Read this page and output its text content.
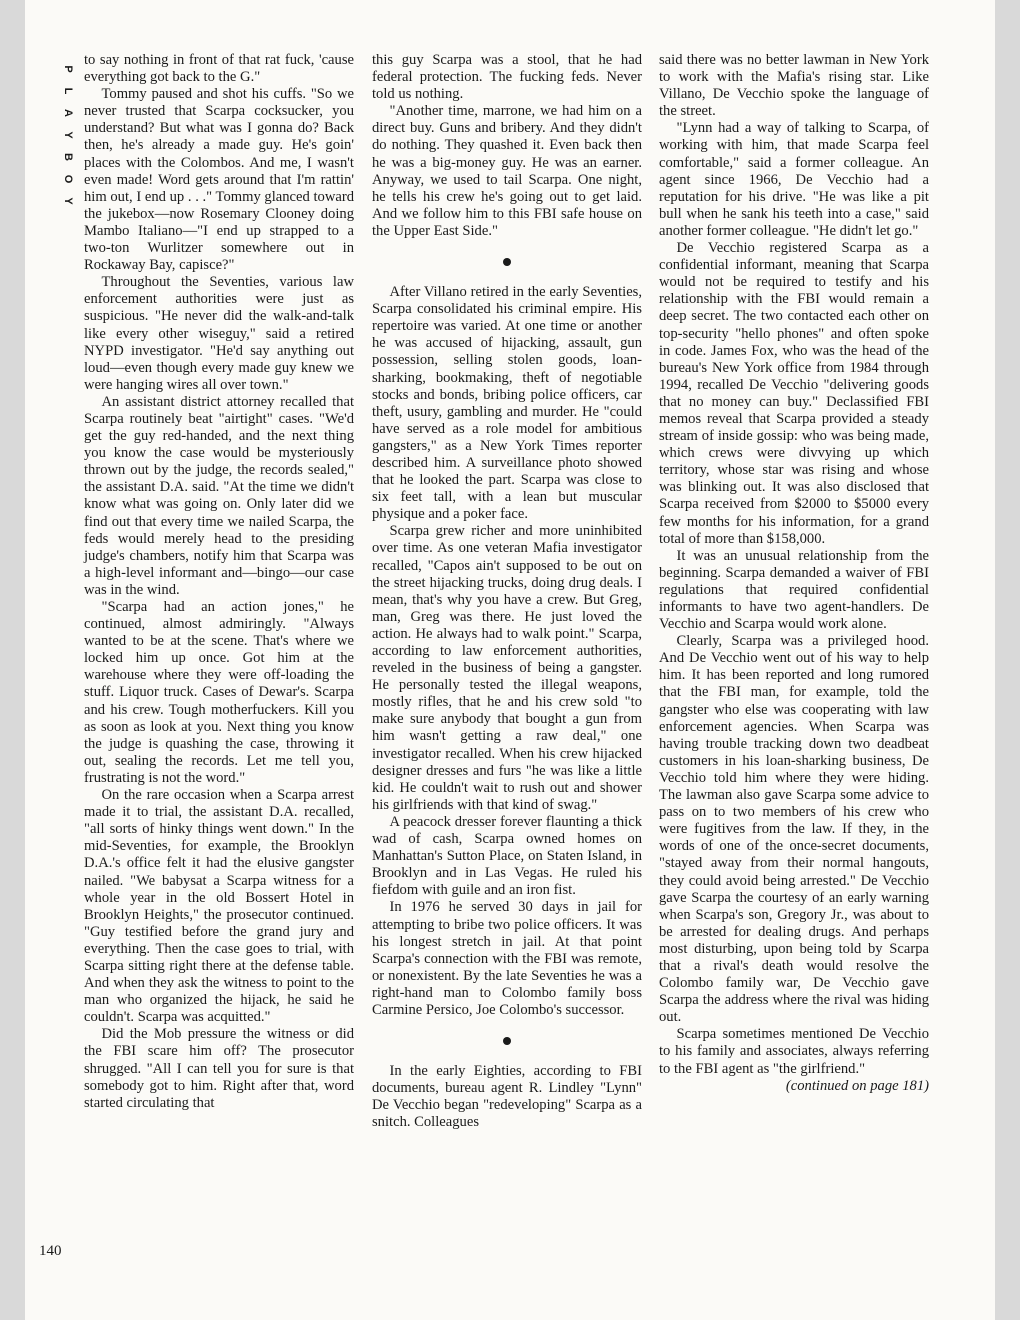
P
L
A
Y
B
O
Y
140

to say nothing in front of that rat fuck, 'cause everything got back to the G."

Tommy paused and shot his cuffs. "So we never trusted that Scarpa cocksucker, you understand? But what was I gonna do? Back then, he's already a made guy. He's goin' places with the Colombos. And me, I wasn't even made! Word gets around that I'm rattin' him out, I end up . . ." Tommy glanced toward the jukebox—now Rosemary Clooney doing Mambo Italiano—"I end up strapped to a two-ton Wurlitzer somewhere out in Rockaway Bay, capisce?"

Throughout the Seventies, various law enforcement authorities were just as suspicious. "He never did the walk-and-talk like every other wiseguy," said a retired NYPD investigator. "He'd say anything out loud—even though every made guy knew we were hanging wires all over town."

An assistant district attorney recalled that Scarpa routinely beat "airtight" cases. "We'd get the guy red-handed, and the next thing you know the case would be mysteriously thrown out by the judge, the records sealed," the assistant D.A. said. "At the time we didn't know what was going on. Only later did we find out that every time we nailed Scarpa, the feds would merely head to the presiding judge's chambers, notify him that Scarpa was a high-level informant and—bingo—our case was in the wind.

"Scarpa had an action jones," he continued, almost admiringly. "Always wanted to be at the scene. That's where we locked him up once. Got him at the warehouse where they were off-loading the stuff. Liquor truck. Cases of Dewar's. Scarpa and his crew. Tough motherfuckers. Kill you as soon as look at you. Next thing you know the judge is quashing the case, throwing it out, sealing the records. Let me tell you, frustrating is not the word."

On the rare occasion when a Scarpa arrest made it to trial, the assistant D.A. recalled, "all sorts of hinky things went down." In the mid-Seventies, for example, the Brooklyn D.A.'s office felt it had the elusive gangster nailed. "We babysat a Scarpa witness for a whole year in the old Bossert Hotel in Brooklyn Heights," the prosecutor continued. "Guy testified before the grand jury and everything. Then the case goes to trial, with Scarpa sitting right there at the defense table. And when they ask the witness to point to the man who organized the hijack, he said he couldn't. Scarpa was acquitted."

Did the Mob pressure the witness or did the FBI scare him off? The prosecutor shrugged. "All I can tell you for sure is that somebody got to him. Right after that, word started circulating that

this guy Scarpa was a stool, that he had federal protection. The fucking feds. Never told us nothing.

"Another time, marrone, we had him on a direct buy. Guns and bribery. And they didn't do nothing. They quashed it. Even back then he was a big-money guy. He was an earner. Anyway, we used to tail Scarpa. One night, he tells his crew he's going out to get laid. And we follow him to this FBI safe house on the Upper East Side."

After Villano retired in the early Seventies, Scarpa consolidated his criminal empire. His repertoire was varied. At one time or another he was accused of hijacking, assault, gun possession, selling stolen goods, loan-sharking, bookmaking, theft of negotiable stocks and bonds, bribing police officers, car theft, usury, gambling and murder. He "could have served as a role model for ambitious gangsters," as a New York Times reporter described him. A surveillance photo showed that he looked the part. Scarpa was close to six feet tall, with a lean but muscular physique and a poker face.

Scarpa grew richer and more uninhibited over time. As one veteran Mafia investigator recalled, "Capos ain't supposed to be out on the street hijacking trucks, doing drug deals. I mean, that's why you have a crew. But Greg, man, Greg was there. He just loved the action. He always had to walk point." Scarpa, according to law enforcement authorities, reveled in the business of being a gangster. He personally tested the illegal weapons, mostly rifles, that he and his crew sold "to make sure anybody that bought a gun from him wasn't getting a raw deal," one investigator recalled. When his crew hijacked designer dresses and furs "he was like a little kid. He couldn't wait to rush out and shower his girlfriends with that kind of swag."

A peacock dresser forever flaunting a thick wad of cash, Scarpa owned homes on Manhattan's Sutton Place, on Staten Island, in Brooklyn and in Las Vegas. He ruled his fiefdom with guile and an iron fist.

In 1976 he served 30 days in jail for attempting to bribe two police officers. It was his longest stretch in jail. At that point Scarpa's connection with the FBI was remote, or nonexistent. By the late Seventies he was a right-hand man to Colombo family boss Carmine Persico, Joe Colombo's successor.

In the early Eighties, according to FBI documents, bureau agent R. Lindley "Lynn" De Vecchio began "redeveloping" Scarpa as a snitch. Colleagues

said there was no better lawman in New York to work with the Mafia's rising star. Like Villano, De Vecchio spoke the language of the street.

"Lynn had a way of talking to Scarpa, of working with him, that made Scarpa feel comfortable," said a former colleague. An agent since 1966, De Vecchio had a reputation for his drive. "He was like a pit bull when he sank his teeth into a case," said another former colleague. "He didn't let go."

De Vecchio registered Scarpa as a confidential informant, meaning that Scarpa would not be required to testify and his relationship with the FBI would remain a deep secret. The two contacted each other on top-security "hello phones" and often spoke in code. James Fox, who was the head of the bureau's New York office from 1984 through 1994, recalled De Vecchio "delivering goods that no money can buy." Declassified FBI memos reveal that Scarpa provided a steady stream of inside gossip: who was being made, which crews were divvying up which territory, whose star was rising and whose was blinking out. It was also disclosed that Scarpa received from $2000 to $5000 every few months for his information, for a grand total of more than $158,000.

It was an unusual relationship from the beginning. Scarpa demanded a waiver of FBI regulations that required confidential informants to have two agent-handlers. De Vecchio and Scarpa would work alone.

Clearly, Scarpa was a privileged hood. And De Vecchio went out of his way to help him. It has been reported and long rumored that the FBI man, for example, told the gangster who else was cooperating with law enforcement agencies. When Scarpa was having trouble tracking down two deadbeat customers in his loan-sharking business, De Vecchio told him where they were hiding. The lawman also gave Scarpa some advice to pass on to two members of his crew who were fugitives from the law. If they, in the words of one of the once-secret documents, "stayed away from their normal hangouts, they could avoid being arrested." De Vecchio gave Scarpa the courtesy of an early warning when Scarpa's son, Gregory Jr., was about to be arrested for dealing drugs. And perhaps most disturbing, upon being told by Scarpa that a rival's death would resolve the Colombo family war, De Vecchio gave Scarpa the address where the rival was hiding out.

Scarpa sometimes mentioned De Vecchio to his family and associates, always referring to the FBI agent as "the girlfriend."

(continued on page 181)
